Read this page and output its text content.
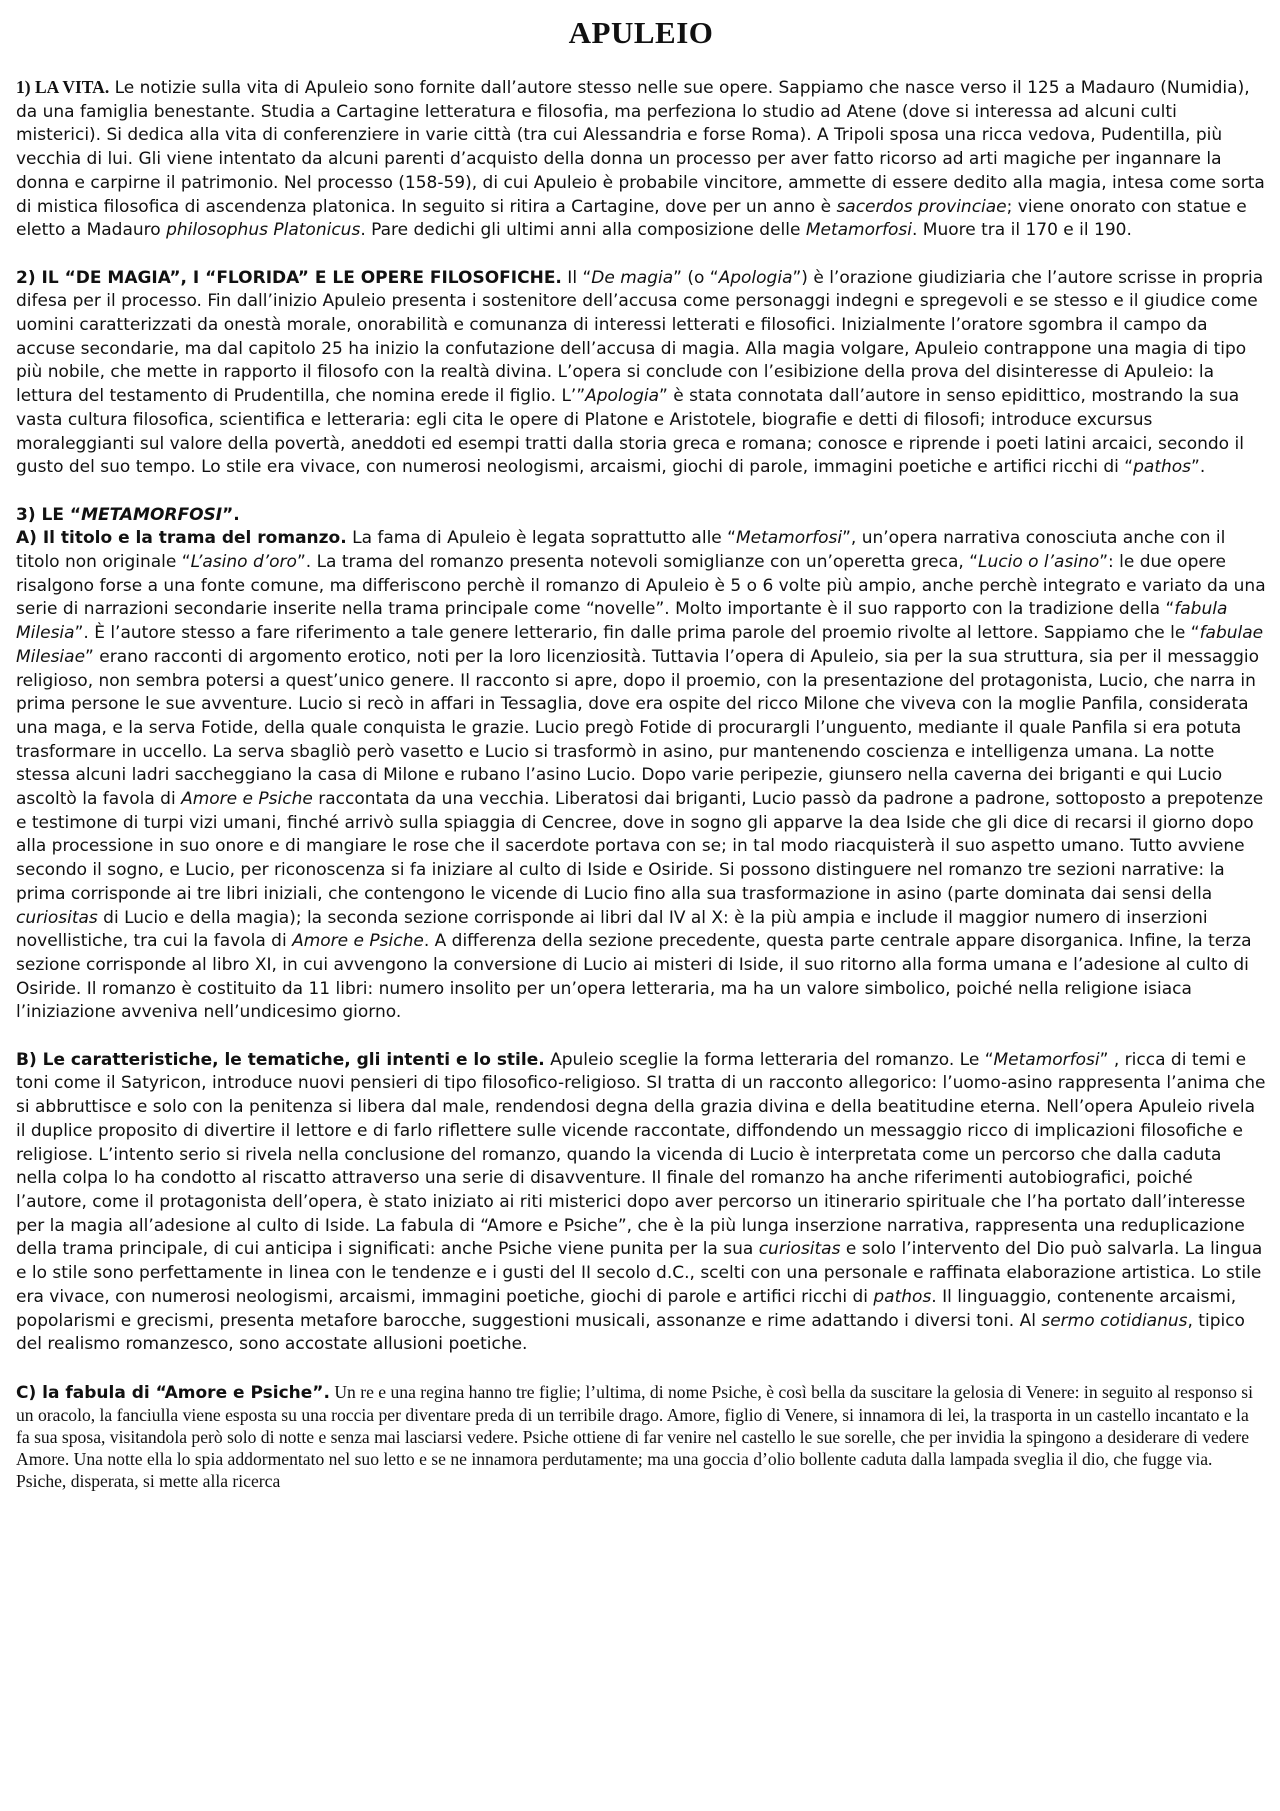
APULEIO

1) LA VITA. Le notizie sulla vita di Apuleio sono fornite dall’autore stesso nelle sue opere. Sappiamo che nasce verso il 125 a Madauro (Numidia), da una famiglia benestante. Studia a Cartagine letteratura e filosofia, ma perfeziona lo studio ad Atene (dove si interessa ad alcuni culti misterici). Si dedica alla vita di conferenziere in varie città (tra cui Alessandria e forse Roma). A Tripoli sposa una ricca vedova, Pudentilla, più vecchia di lui. Gli viene intentato da alcuni parenti d’acquisto della donna un processo per aver fatto ricorso ad arti magiche per ingannare la donna e carpirne il patrimonio. Nel processo (158-59), di cui Apuleio è probabile vincitore, ammette di essere dedito alla magia, intesa come sorta di mistica filosofica di ascendenza platonica. In seguito si ritira a Cartagine, dove per un anno è sacerdos provinciae; viene onorato con statue e eletto a Madauro philosophus Platonicus. Pare dedichi gli ultimi anni alla composizione delle Metamorfosi. Muore tra il 170 e il 190.

2) IL “DE MAGIA”, I “FLORIDA” E LE OPERE FILOSOFICHE. Il “De magia” (o “Apologia”) è l’orazione giudiziaria che l’autore scrisse in propria difesa per il processo. Fin dall’inizio Apuleio presenta i sostenitore dell’accusa come personaggi indegni e spregevoli e se stesso e il giudice come uomini caratterizzati da onestà morale, onorabilità e comunanza di interessi letterati e filosofici. Inizialmente l’oratore sgombra il campo da accuse secondarie, ma dal capitolo 25 ha inizio la confutazione dell’accusa di magia. Alla magia volgare, Apuleio contrappone una magia di tipo più nobile, che mette in rapporto il filosofo con la realtà divina. L’opera si conclude con l’esibizione della prova del disinteresse di Apuleio: la lettura del testamento di Prudentilla, che nomina erede il figlio. L’”Apologia” è stata connotata dall’autore in senso epidittico, mostrando la sua vasta cultura filosofica, scientifica e letteraria: egli cita le opere di Platone e Aristotele, biografie e detti di filosofi; introduce excursus moraleggianti sul valore della povertà, aneddoti ed esempi tratti dalla storia greca e romana; conosce e riprende i poeti latini arcaici, secondo il gusto del suo tempo. Lo stile era vivace, con numerosi neologismi, arcaismi, giochi di parole, immagini poetiche e artifici ricchi di “pathos”.

3) LE “METAMORFOSI”.

A) Il titolo e la trama del romanzo. La fama di Apuleio è legata soprattutto alle “Metamorfosi”, un’opera narrativa conosciuta anche con il titolo non originale “L’asino d’oro”. La trama del romanzo presenta notevoli somiglianze con un’operetta greca, “Lucio o l’asino”: le due opere risalgono forse a una fonte comune, ma differiscono perchè il romanzo di Apuleio è 5 o 6 volte più ampio, anche perchè integrato e variato da una serie di narrazioni secondarie inserite nella trama principale come “novelle”. Molto importante è il suo rapporto con la tradizione della “fabula Milesia”. È l’autore stesso a fare riferimento a tale genere letterario, fin dalle prima parole del proemio rivolte al lettore. Sappiamo che le “fabulae Milesiae” erano racconti di argomento erotico, noti per la loro licenziosità. Tuttavia l’opera di Apuleio, sia per la sua struttura, sia per il messaggio religioso, non sembra potersi a quest’unico genere. Il racconto si apre, dopo il proemio, con la presentazione del protagonista, Lucio, che narra in prima persone le sue avventure. Lucio si recò in affari in Tessaglia, dove era ospite del ricco Milone che viveva con la moglie Panfila, considerata una maga, e la serva Fotide, della quale conquista le grazie. Lucio pregò Fotide di procurargli l’unguento, mediante il quale Panfila si era potuta trasformare in uccello. La serva sbagliò però vasetto e Lucio si trasformò in asino, pur mantenendo coscienza e intelligenza umana. La notte stessa alcuni ladri saccheggiano la casa di Milone e rubano l’asino Lucio. Dopo varie peripezie, giunsero nella caverna dei briganti e qui Lucio ascoltò la favola di Amore e Psiche raccontata da una vecchia. Liberatosi dai briganti, Lucio passò da padrone a padrone, sottoposto a prepotenze e testimone di turpi vizi umani, finché arrivò sulla spiaggia di Cencree, dove in sogno gli apparve la dea Iside che gli dice di recarsi il giorno dopo alla processione in suo onore e di mangiare le rose che il sacerdote portava con se; in tal modo riacquisterà il suo aspetto umano. Tutto avviene secondo il sogno, e Lucio, per riconoscenza si fa iniziare al culto di Iside e Osiride. Si possono distinguere nel romanzo tre sezioni narrative: la prima corrisponde ai tre libri iniziali, che contengono le vicende di Lucio fino alla sua trasformazione in asino (parte dominata dai sensi della curiositas di Lucio e della magia); la seconda sezione corrisponde ai libri dal IV al X: è la più ampia e include il maggior numero di inserzioni novellistiche, tra cui la favola di Amore e Psiche. A differenza della sezione precedente, questa parte centrale appare disorganica. Infine, la terza sezione corrisponde al libro XI, in cui avvengono la conversione di Lucio ai misteri di Iside, il suo ritorno alla forma umana e l’adesione al culto di Osiride. Il romanzo è costituito da 11 libri: numero insolito per un’opera letteraria, ma ha un valore simbolico, poiché nella religione isiaca l’iniziazione avveniva nell’undicesimo giorno.

B) Le caratteristiche, le tematiche, gli intenti e lo stile. Apuleio sceglie la forma letteraria del romanzo. Le “Metamorfosi” , ricca di temi e toni come il Satyricon, introduce nuovi pensieri di tipo filosofico-religioso. SI tratta di un racconto allegorico: l’uomo-asino rappresenta l’anima che si abbruttisce e solo con la penitenza si libera dal male, rendendosi degna della grazia divina e della beatitudine eterna. Nell’opera Apuleio rivela il duplice proposito di divertire il lettore e di farlo riflettere sulle vicende raccontate, diffondendo un messaggio ricco di implicazioni filosofiche e religiose. L’intento serio si rivela nella conclusione del romanzo, quando la vicenda di Lucio è interpretata come un percorso che dalla caduta nella colpa lo ha condotto al riscatto attraverso una serie di disavventure. Il finale del romanzo ha anche riferimenti autobiografici, poiché l’autore, come il protagonista dell’opera, è stato iniziato ai riti misterici dopo aver percorso un itinerario spirituale che l’ha portato dall’interesse per la magia all’adesione al culto di Iside. La fabula di “Amore e Psiche”, che è la più lunga inserzione narrativa, rappresenta una reduplicazione della trama principale, di cui anticipa i significati: anche Psiche viene punita per la sua curiositas e solo l’intervento del Dio può salvarla. La lingua e lo stile sono perfettamente in linea con le tendenze e i gusti del II secolo d.C., scelti con una personale e raffinata elaborazione artistica. Lo stile era vivace, con numerosi neologismi, arcaismi, immagini poetiche, giochi di parole e artifici ricchi di pathos. Il linguaggio, contenente arcaismi, popolarismi e grecismi, presenta metafore barocche, suggestioni musicali, assonanze e rime adattando i diversi toni. Al sermo cotidianus, tipico del realismo romanzesco, sono accostate allusioni poetiche.

C) la fabula di “Amore e Psiche”. Un re e una regina hanno tre figlie; l’ultima, di nome Psiche, è così bella da suscitare la gelosia di Venere: in seguito al responso si un oracolo, la fanciulla viene esposta su una roccia per diventare preda di un terribile drago. Amore, figlio di Venere, si innamora di lei, la trasporta in un castello incantato e la fa sua sposa, visitandola però solo di notte e senza mai lasciarsi vedere. Psiche ottiene di far venire nel castello le sue sorelle, che per invidia la spingono a desiderare di vedere Amore. Una notte ella lo spia addormentato nel suo letto e se ne innamora perdutamente; ma una goccia d’olio bollente caduta dalla lampada sveglia il dio, che fugge via. Psiche, disperata, si mette alla ricerca
